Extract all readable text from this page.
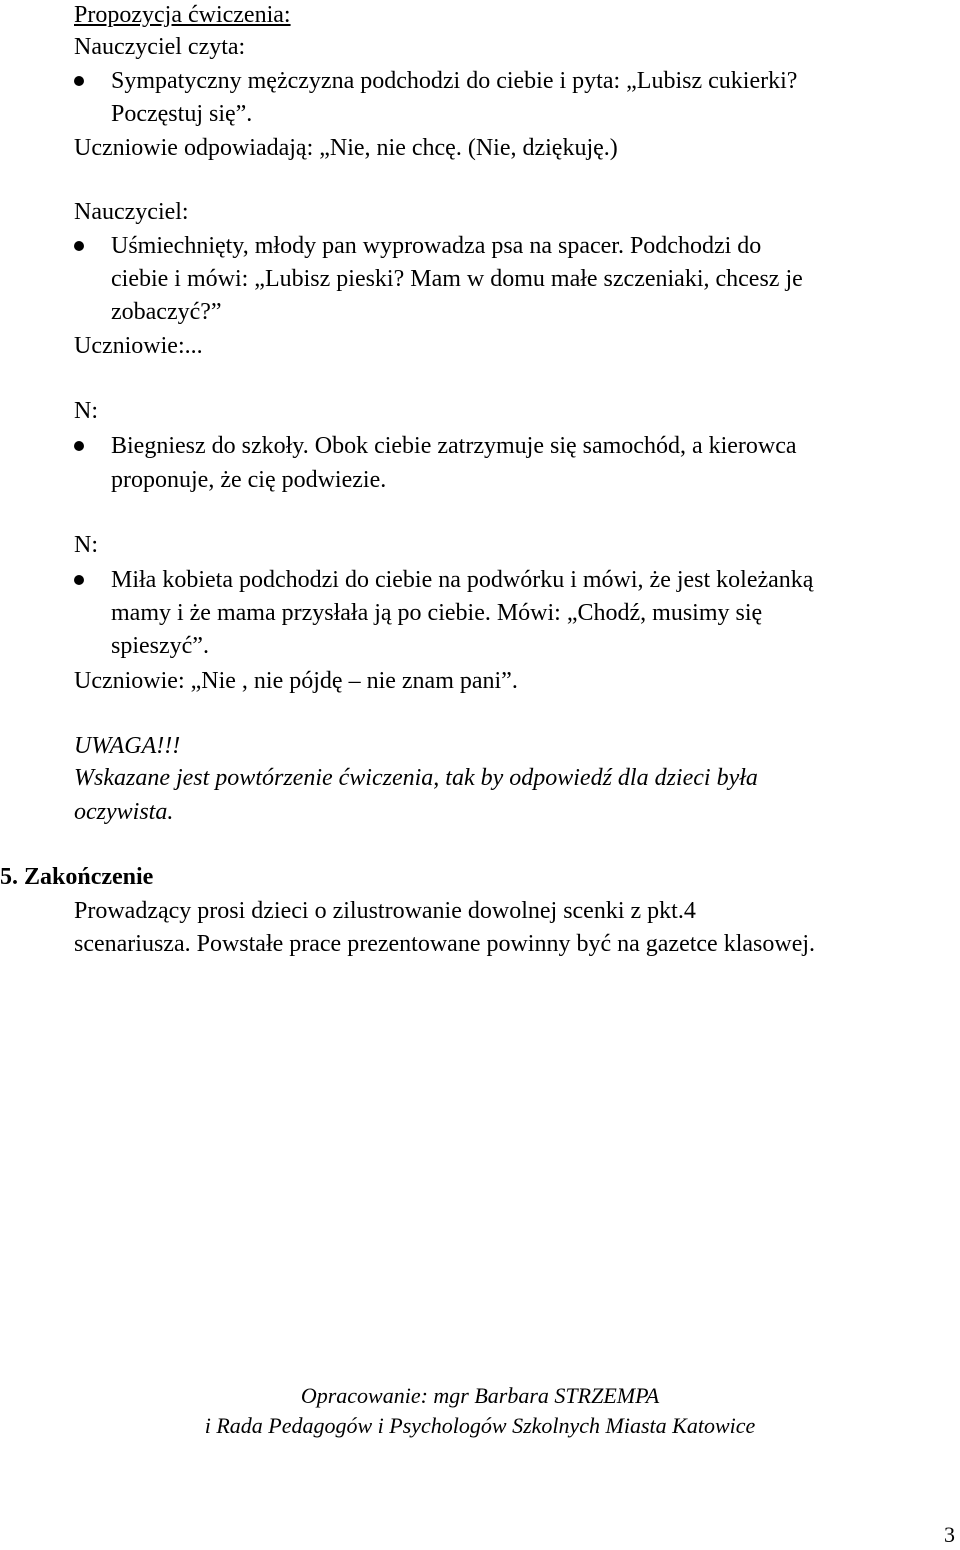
Propozycja ćwiczenia:
Nauczyciel czyta:
Sympatyczny mężczyzna podchodzi do ciebie i pyta: „Lubisz cukierki?
Poczęstuj się”.
Uczniowie odpowiadają: „Nie, nie chcę. (Nie, dziękuję.)
Nauczyciel:
Uśmiechnięty, młody pan wyprowadza psa na spacer. Podchodzi do
ciebie i mówi: „Lubisz pieski? Mam w domu małe szczeniaki, chcesz je
zobaczyć?”
Uczniowie:...
N:
Biegniesz do szkoły. Obok ciebie zatrzymuje się samochód, a kierowca
proponuje, że cię podwiezie.
N:
Miła kobieta podchodzi do ciebie na podwórku i mówi, że jest koleżanką
mamy i że mama przysłała ją po ciebie. Mówi: „Chodź, musimy się
spieszyć”.
Uczniowie: „Nie , nie pójdę – nie znam pani”.
UWAGA!!!
Wskazane jest powtórzenie ćwiczenia, tak by odpowiedź dla dzieci była
oczywista.
5. Zakończenie
Prowadzący prosi dzieci o zilustrowanie dowolnej scenki z pkt.4
scenariusza. Powstałe prace prezentowane powinny być na gazetce klasowej.
Opracowanie: mgr Barbara STRZEMPA
i Rada Pedagogów i Psychologów Szkolnych Miasta Katowice
3
